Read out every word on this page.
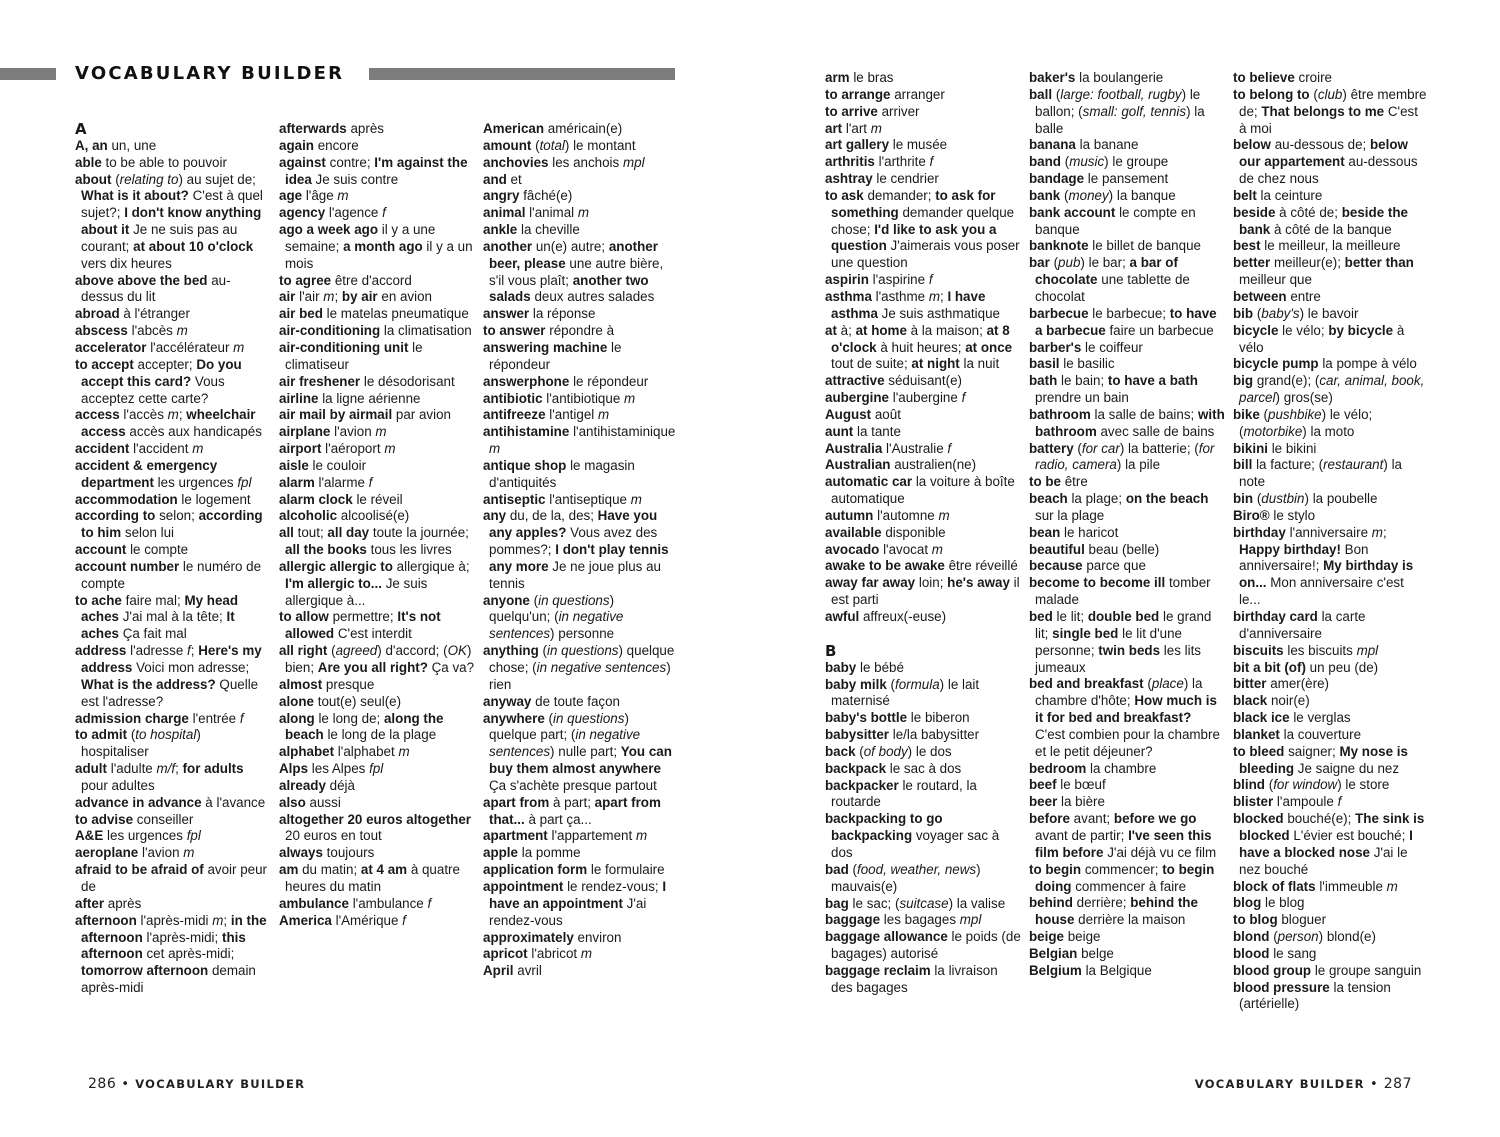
VOCABULARY BUILDER
A
A, an un, une
able to be able to pouvoir
about (relating to) au sujet de; What is it about? C'est à quel sujet?; I don't know anything about it Je ne suis pas au courant; at about 10 o'clock vers dix heures
above above the bed au-dessus du lit
abroad à l'étranger
abscess l'abcès m
accelerator l'accélérateur m
to accept accepter; Do you accept this card? Vous acceptez cette carte?
access l'accès m; wheelchair access accès aux handicapés
accident l'accident m
accident & emergency department les urgences fpl
accommodation le logement
according to selon; according to him selon lui
account le compte
account number le numéro de compte
to ache faire mal; My head aches J'ai mal à la tête; It aches Ça fait mal
address l'adresse f; Here's my address Voici mon adresse; What is the address? Quelle est l'adresse?
admission charge l'entrée f
to admit (to hospital) hospitaliser
adult l'adulte m/f; for adults pour adultes
advance in advance à l'avance
to advise conseiller
A&E les urgences fpl
aeroplane l'avion m
afraid to be afraid of avoir peur de
after après
afternoon l'après-midi m; in the afternoon l'après-midi; this afternoon cet après-midi; tomorrow afternoon demain après-midi
afterwards après
again encore
against contre; I'm against the idea Je suis contre
age l'âge m
agency l'agence f
ago a week ago il y a une semaine; a month ago il y a un mois
to agree être d'accord
air l'air m; by air en avion
air bed le matelas pneumatique
air-conditioning la climatisation
air-conditioning unit le climatiseur
air freshener le désodorisant
airline la ligne aérienne
air mail by airmail par avion
airplane l'avion m
airport l'aéroport m
aisle le couloir
alarm l'alarme f
alarm clock le réveil
alcoholic alcoolisé(e)
all tout; all day toute la journée; all the books tous les livres
allergic allergic to allergique à; I'm allergic to... Je suis allergique à...
to allow permettre; It's not allowed C'est interdit
all right (agreed) d'accord; (OK) bien; Are you all right? Ça va?
almost presque
alone tout(e) seul(e)
along le long de; along the beach le long de la plage
alphabet l'alphabet m
Alps les Alpes fpl
already déjà
also aussi
altogether 20 euros altogether 20 euros en tout
always toujours
am du matin; at 4 am à quatre heures du matin
ambulance l'ambulance f
America l'Amérique f
American américain(e)
amount (total) le montant
anchovies les anchois mpl
and et
angry fâché(e)
animal l'animal m
ankle la cheville
another un(e) autre; another beer, please une autre bière, s'il vous plaît; another two salads deux autres salades
answer la réponse
to answer répondre à
answering machine le répondeur
answerphone le répondeur
antibiotic l'antibiotique m
antifreeze l'antigel m
antihistamine l'antihistaminique m
antique shop le magasin d'antiquités
antiseptic l'antiseptique m
any du, de la, des; Have you any apples? Vous avez des pommes?; I don't play tennis any more Je ne joue plus au tennis
anyone (in questions) quelqu'un; (in negative sentences) personne
anything (in questions) quelque chose; (in negative sentences) rien
anyway de toute façon
anywhere (in questions) quelque part; (in negative sentences) nulle part; You can buy them almost anywhere Ça s'achète presque partout
apart from à part; apart from that... à part ça...
apartment l'appartement m
apple la pomme
application form le formulaire
appointment le rendez-vous; I have an appointment J'ai rendez-vous
approximately environ
apricot l'abricot m
April avril
arm le bras
to arrange arranger
to arrive arriver
art l'art m
art gallery le musée
arthritis l'arthrite f
ashtray le cendrier
to ask demander; to ask for something demander quelque chose; I'd like to ask you a question J'aimerais vous poser une question
aspirin l'aspirine f
asthma l'asthme m; I have asthma Je suis asthmatique
at à; at home à la maison; at 8 o'clock à huit heures; at once tout de suite; at night la nuit
attractive séduisant(e)
aubergine l'aubergine f
August août
aunt la tante
Australia l'Australie f
Australian australien(ne)
automatic car la voiture à boîte automatique
autumn l'automne m
available disponible
avocado l'avocat m
awake to be awake être réveillé
away far away loin; he's away il est parti
awful affreux(-euse)
B
baby le bébé
baby milk (formula) le lait maternisé
baby's bottle le biberon
babysitter le/la babysitter
back (of body) le dos
backpack le sac à dos
backpacker le routard, la routarde
backpacking to go backpacking voyager sac à dos
bad (food, weather, news) mauvais(e)
bag le sac; (suitcase) la valise
baggage les bagages mpl
baggage allowance le poids (de bagages) autorisé
baggage reclaim la livraison des bagages
baker's la boulangerie
ball (large: football, rugby) le ballon; (small: golf, tennis) la balle
banana la banane
band (music) le groupe
bandage le pansement
bank (money) la banque
bank account le compte en banque
banknote le billet de banque
bar (pub) le bar; a bar of chocolate une tablette de chocolat
barbecue le barbecue; to have a barbecue faire un barbecue
barber's le coiffeur
basil le basilic
bath le bain; to have a bath prendre un bain
bathroom la salle de bains; with bathroom avec salle de bains
battery (for car) la batterie; (for radio, camera) la pile
to be être
beach la plage; on the beach sur la plage
bean le haricot
beautiful beau (belle)
because parce que
become to become ill tomber malade
bed le lit; double bed le grand lit; single bed le lit d'une personne; twin beds les lits jumeaux
bed and breakfast (place) la chambre d'hôte; How much is it for bed and breakfast? C'est combien pour la chambre et le petit déjeuner?
bedroom la chambre
beef le bœuf
beer la bière
before avant; before we go avant de partir; I've seen this film before J'ai déjà vu ce film
to begin commencer; to begin doing commencer à faire
behind derrière; behind the house derrière la maison
beige beige
Belgian belge
Belgium la Belgique
to believe croire
to belong to (club) être membre de; That belongs to me C'est à moi
below au-dessous de; below our appartement au-dessous de chez nous
belt la ceinture
beside à côté de; beside the bank à côté de la banque
best le meilleur, la meilleure
better meilleur(e); better than meilleur que
between entre
bib (baby's) le bavoir
bicycle le vélo; by bicycle à vélo
bicycle pump la pompe à vélo
big grand(e); (car, animal, book, parcel) gros(se)
bike (pushbike) le vélo; (motorbike) la moto
bikini le bikini
bill la facture; (restaurant) la note
bin (dustbin) la poubelle
Biro® le stylo
birthday l'anniversaire m; Happy birthday! Bon anniversaire!; My birthday is on... Mon anniversaire c'est le...
birthday card la carte d'anniversaire
biscuits les biscuits mpl
bit a bit (of) un peu (de)
bitter amer(ère)
black noir(e)
black ice le verglas
blanket la couverture
to bleed saigner; My nose is bleeding Je saigne du nez
blind (for window) le store
blister l'ampoule f
blocked bouché(e); The sink is blocked L'évier est bouché; I have a blocked nose J'ai le nez bouché
block of flats l'immeuble m
blog le blog
to blog bloguer
blond (person) blond(e)
blood le sang
blood group le groupe sanguin
blood pressure la tension (artérielle)
286 • VOCABULARY BUILDER	VOCABULARY BUILDER • 287
